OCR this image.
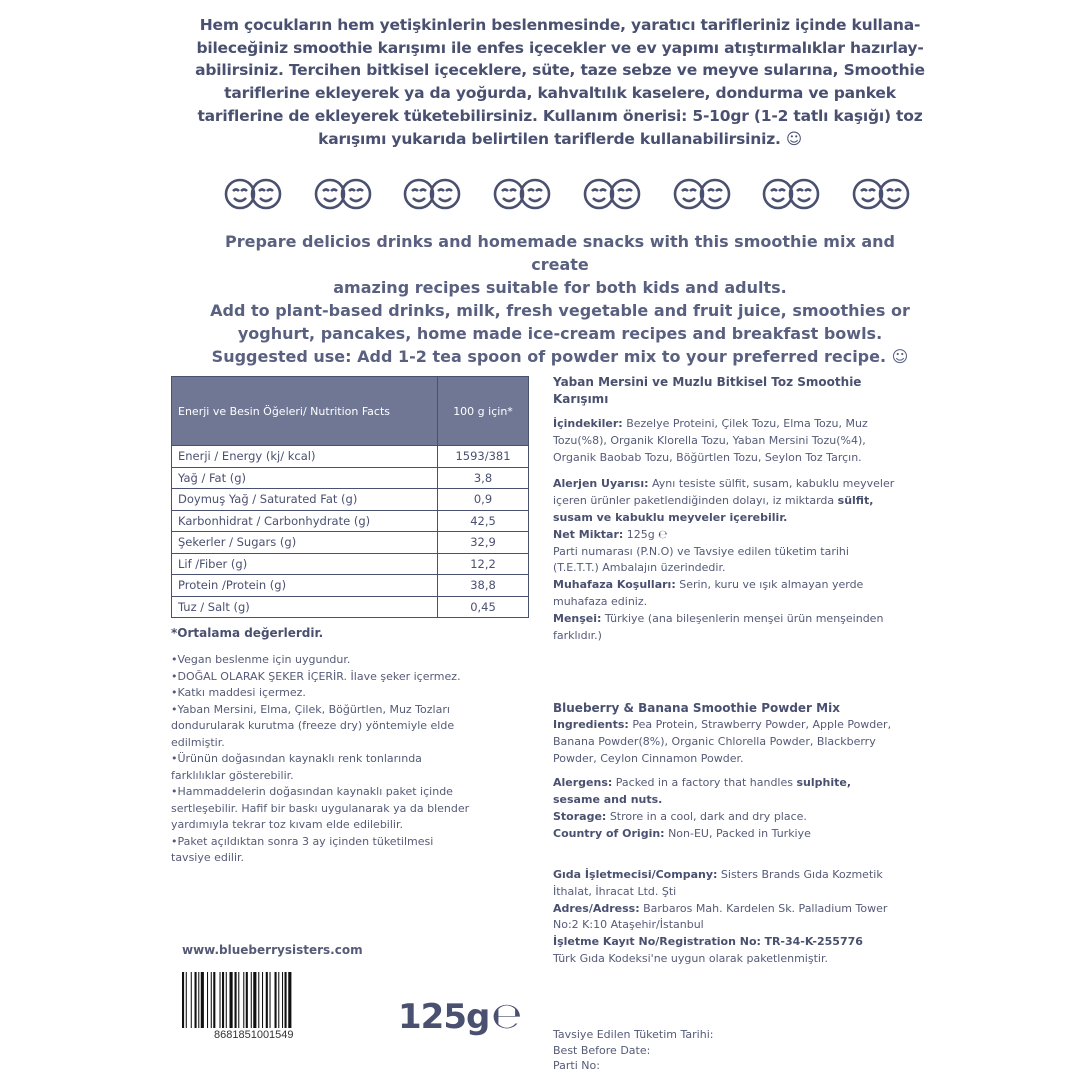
Hem çocukların hem yetişkinlerin beslenmesinde, yaratıcı tarifleriniz içinde kullana-

bileceğiniz smoothie karışımı ile enfes içecekler ve ev yapımı atıştırmalıklar hazırlay-

abilirsiniz. Tercihen bitkisel içeceklere, süte, taze sebze ve meyve sularına, Smoothie

tariflerine ekleyerek ya da yoğurda, kahvaltılık kaselere, dondurma ve pankek

tariflerine de ekleyerek tüketebilirsiniz. Kullanım önerisi: 5-10gr (1-2 tatlı kaşığı) toz

karışımı yukarıda belirtilen tariflerde kullanabilirsiniz. ☺

Prepare delicios drinks and homemade snacks with this smoothie mix and create

amazing recipes suitable for both kids and adults.

Add to plant-based drinks, milk, fresh vegetable and fruit juice, smoothies or

yoghurt, pancakes, home made ice-cream recipes and breakfast bowls.

Suggested use: Add 1-2 tea spoon of powder mix to your preferred recipe. ☺

Enerji ve Besin Öğeleri/ Nutrition Facts	100 g için*
Enerji / Energy (kj/ kcal)	1593/381
Yağ / Fat (g)	3,8
Doymuş Yağ / Saturated Fat (g)	0,9
Karbonhidrat / Carbonhydrate (g)	42,5
Şekerler / Sugars (g)	32,9
Lif /Fiber (g)	12,2
Protein /Protein (g)	38,8
Tuz / Salt (g)	0,45
*Ortalama değerlerdir.

•Vegan beslenme için uygundur.

•DOĞAL OLARAK ŞEKER İÇERİR. İlave şeker içermez.

•Katkı maddesi içermez.

•Yaban Mersini, Elma, Çilek, Böğürtlen, Muz Tozları dondurularak kurutma (freeze dry) yöntemiyle elde edilmiştir.

•Ürünün doğasından kaynaklı renk tonlarında farklılıklar gösterebilir.

•Hammaddelerin doğasından kaynaklı paket içinde sertleşebilir. Hafif bir baskı uygulanarak ya da blender yardımıyla tekrar toz kıvam elde edilebilir.

•Paket açıldıktan sonra 3 ay içinden tüketilmesi tavsiye edilir.

www.blueberrysisters.com
8681851001549	125g℮

Yaban Mersini ve Muzlu Bitkisel Toz Smoothie Karışımı

İçindekiler: Bezelye Proteini, Çilek Tozu, Elma Tozu, Muz Tozu(%8), Organik Klorella Tozu, Yaban Mersini Tozu(%4), Organik Baobab Tozu, Böğürtlen Tozu, Seylon Toz Tarçın.

Alerjen Uyarısı: Aynı tesiste sülfit, susam, kabuklu meyveler içeren ürünler paketlendiğinden dolayı, iz miktarda sülfit, susam ve kabuklu meyveler içerebilir.

Net Miktar: 125g ℮

Parti numarası (P.N.O) ve Tavsiye edilen tüketim tarihi (T.E.T.T.) Ambalajın üzerindedir.

Muhafaza Koşulları: Serin, kuru ve ışık almayan yerde muhafaza ediniz.

Menşei: Türkiye (ana bileşenlerin menşei ürün menşeinden farklıdır.)

Blueberry & Banana Smoothie Powder Mix

Ingredients: Pea Protein, Strawberry Powder, Apple Powder, Banana Powder(8%), Organic Chlorella Powder, Blackberry Powder, Ceylon Cinnamon Powder.

Alergens: Packed in a factory that handles sulphite, sesame and nuts.

Storage: Strore in a cool, dark and dry place.

Country of Origin: Non-EU, Packed in Turkiye

Gıda İşletmecisi/Company: Sisters Brands Gıda Kozmetik İthalat, İhracat Ltd. Şti

Adres/Adress: Barbaros Mah. Kardelen Sk. Palladium Tower No:2 K:10 Ataşehir/İstanbul

İşletme Kayıt No/Registration No: TR-34-K-255776

Türk Gıda Kodeksi'ne uygun olarak paketlenmiştir.

Tavsiye Edilen Tüketim Tarihi:

Best Before Date:

Parti No:
